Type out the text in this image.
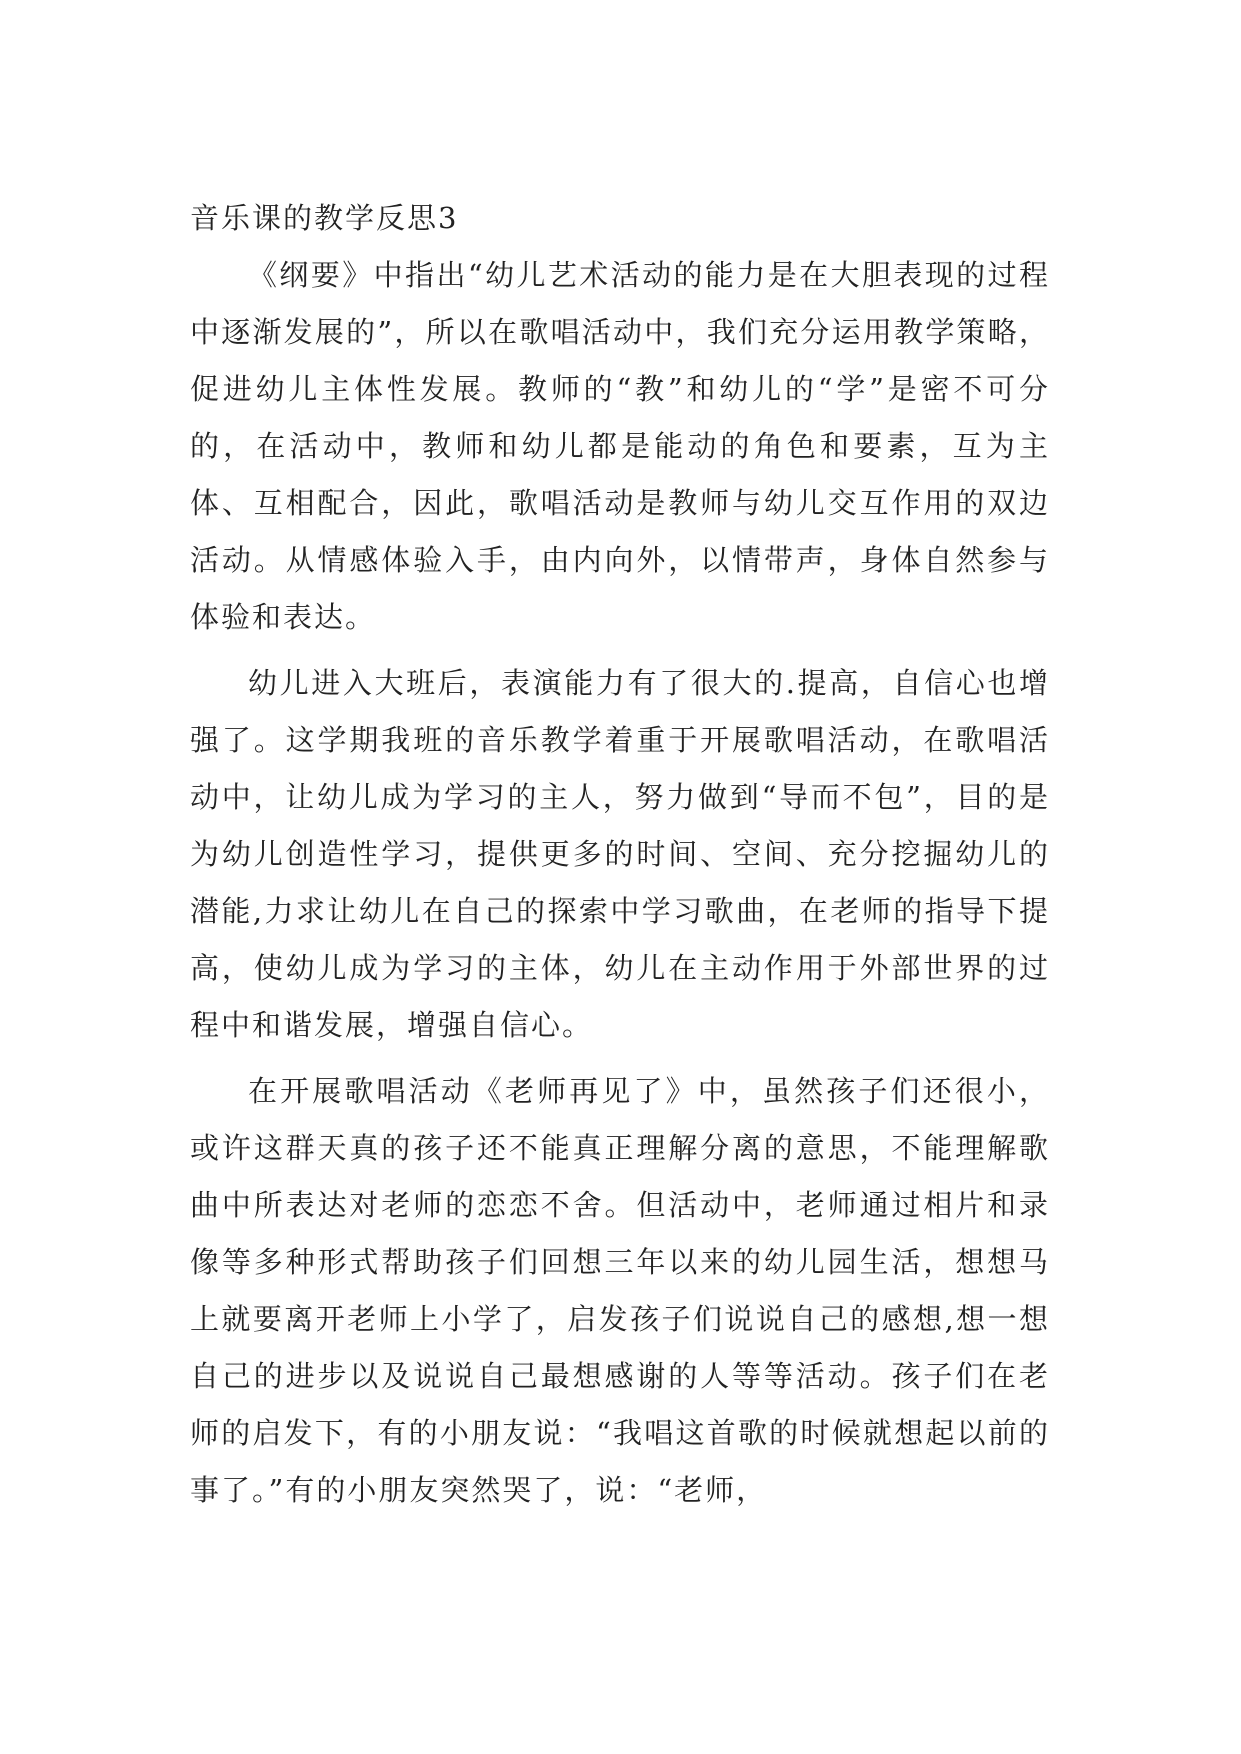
音乐课的教学反思3

《纲要》中指出“幼儿艺术活动的能力是在大胆表现的过程中逐渐发展的”，所以在歌唱活动中，我们充分运用教学策略，促进幼儿主体性发展。教师的“教”和幼儿的“学”是密不可分的，在活动中，教师和幼儿都是能动的角色和要素，互为主体、互相配合，因此，歌唱活动是教师与幼儿交互作用的双边活动。从情感体验入手，由内向外，以情带声，身体自然参与体验和表达。

幼儿进入大班后，表演能力有了很大的.提高，自信心也增强了。这学期我班的音乐教学着重于开展歌唱活动，在歌唱活动中，让幼儿成为学习的主人，努力做到“导而不包”，目的是为幼儿创造性学习，提供更多的时间、空间、充分挖掘幼儿的潜能,力求让幼儿在自己的探索中学习歌曲，在老师的指导下提高，使幼儿成为学习的主体，幼儿在主动作用于外部世界的过程中和谐发展，增强自信心。

在开展歌唱活动《老师再见了》中，虽然孩子们还很小，或许这群天真的孩子还不能真正理解分离的意思，不能理解歌曲中所表达对老师的恋恋不舍。但活动中，老师通过相片和录像等多种形式帮助孩子们回想三年以来的幼儿园生活，想想马上就要离开老师上小学了，启发孩子们说说自己的感想,想一想自己的进步以及说说自己最想感谢的人等等活动。孩子们在老师的启发下，有的小朋友说：“我唱这首歌的时候就想起以前的事了。”有的小朋友突然哭了，说：“老师，
